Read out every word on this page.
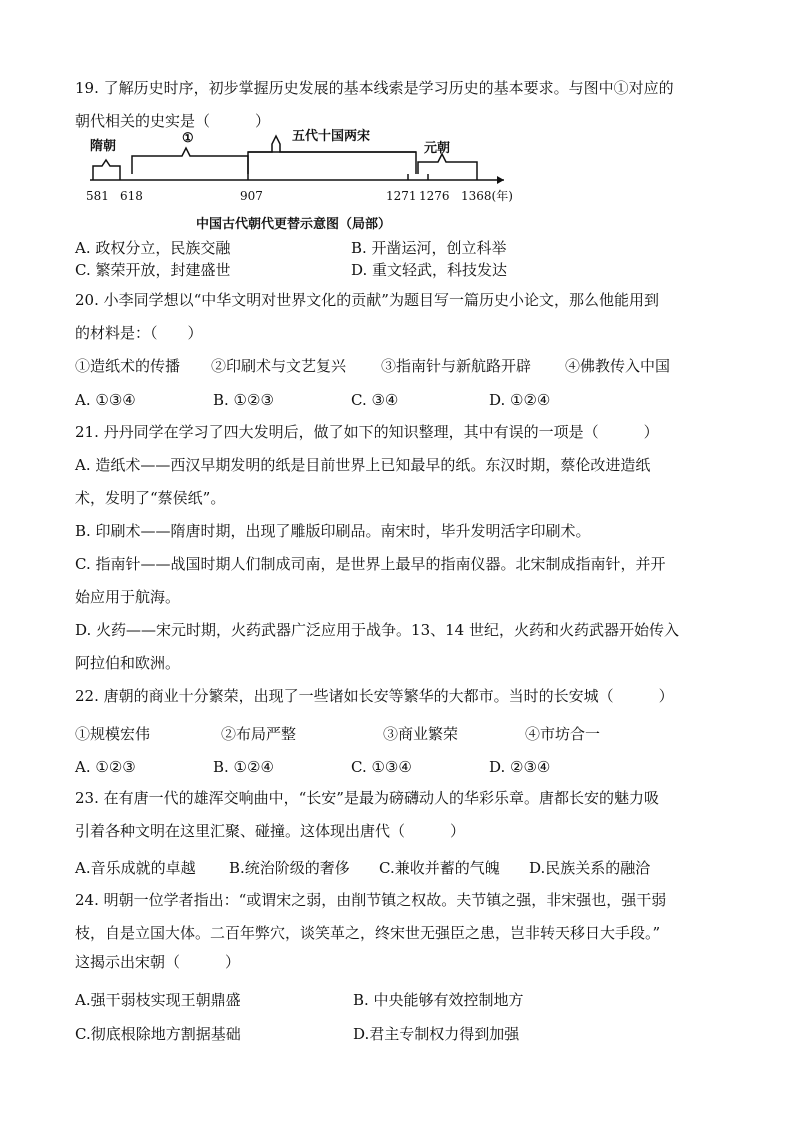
19. 了解历史时序，初步掌握历史发展的基本线索是学习历史的基本要求。与图中①对应的
朝代相关的史实是（　　　）
隋朝
①	五代十国两宋
元朝
581 618	907	1271 1276 1368(年)
中国古代朝代更替示意图（局部）
A. 政权分立，民族交融	B. 开凿运河，创立科举
C. 繁荣开放，封建盛世	D. 重文轻武，科技发达
20. 小李同学想以“中华文明对世界文化的贡献”为题目写一篇历史小论文，那么他能用到
的材料是：（　　）
①造纸术的传播 ②印刷术与文艺复兴 ③指南针与新航路开辟 ④佛教传入中国
A. ①③④	B. ①②③	C. ③④	D. ①②④
21. 丹丹同学在学习了四大发明后，做了如下的知识整理，其中有误的一项是（　　　）
A. 造纸术——西汉早期发明的纸是目前世界上已知最早的纸。东汉时期，蔡伦改进造纸
术，发明了“蔡侯纸”。
B. 印刷术——隋唐时期，出现了雕版印刷品。南宋时，毕升发明活字印刷术。
C. 指南针——战国时期人们制成司南，是世界上最早的指南仪器。北宋制成指南针，并开
始应用于航海。
D. 火药——宋元时期，火药武器广泛应用于战争。13、14 世纪，火药和火药武器开始传入
阿拉伯和欧洲。
22. 唐朝的商业十分繁荣，出现了一些诸如长安等繁华的大都市。当时的长安城（　　　）
①规模宏伟	②布局严整	③商业繁荣	④市坊合一
A. ①②③	B. ①②④	C. ①③④	D. ②③④
23. 在有唐一代的雄浑交响曲中，“长安”是最为磅礴动人的华彩乐章。唐都长安的魅力吸
引着各种文明在这里汇聚、碰撞。这体现出唐代（　　　）
A.音乐成就的卓越 B.统治阶级的奢侈 C.兼收并蓄的气魄 D.民族关系的融洽
24. 明朝一位学者指出：“或谓宋之弱，由削节镇之权故。夫节镇之强，非宋强也，强干弱
枝，自是立国大体。二百年弊穴，谈笑革之，终宋世无强臣之患，岂非转天移日大手段。”
这揭示出宋朝（　　　）
A.强干弱枝实现王朝鼎盛	B. 中央能够有效控制地方
C.彻底根除地方割据基础	D.君主专制权力得到加强
